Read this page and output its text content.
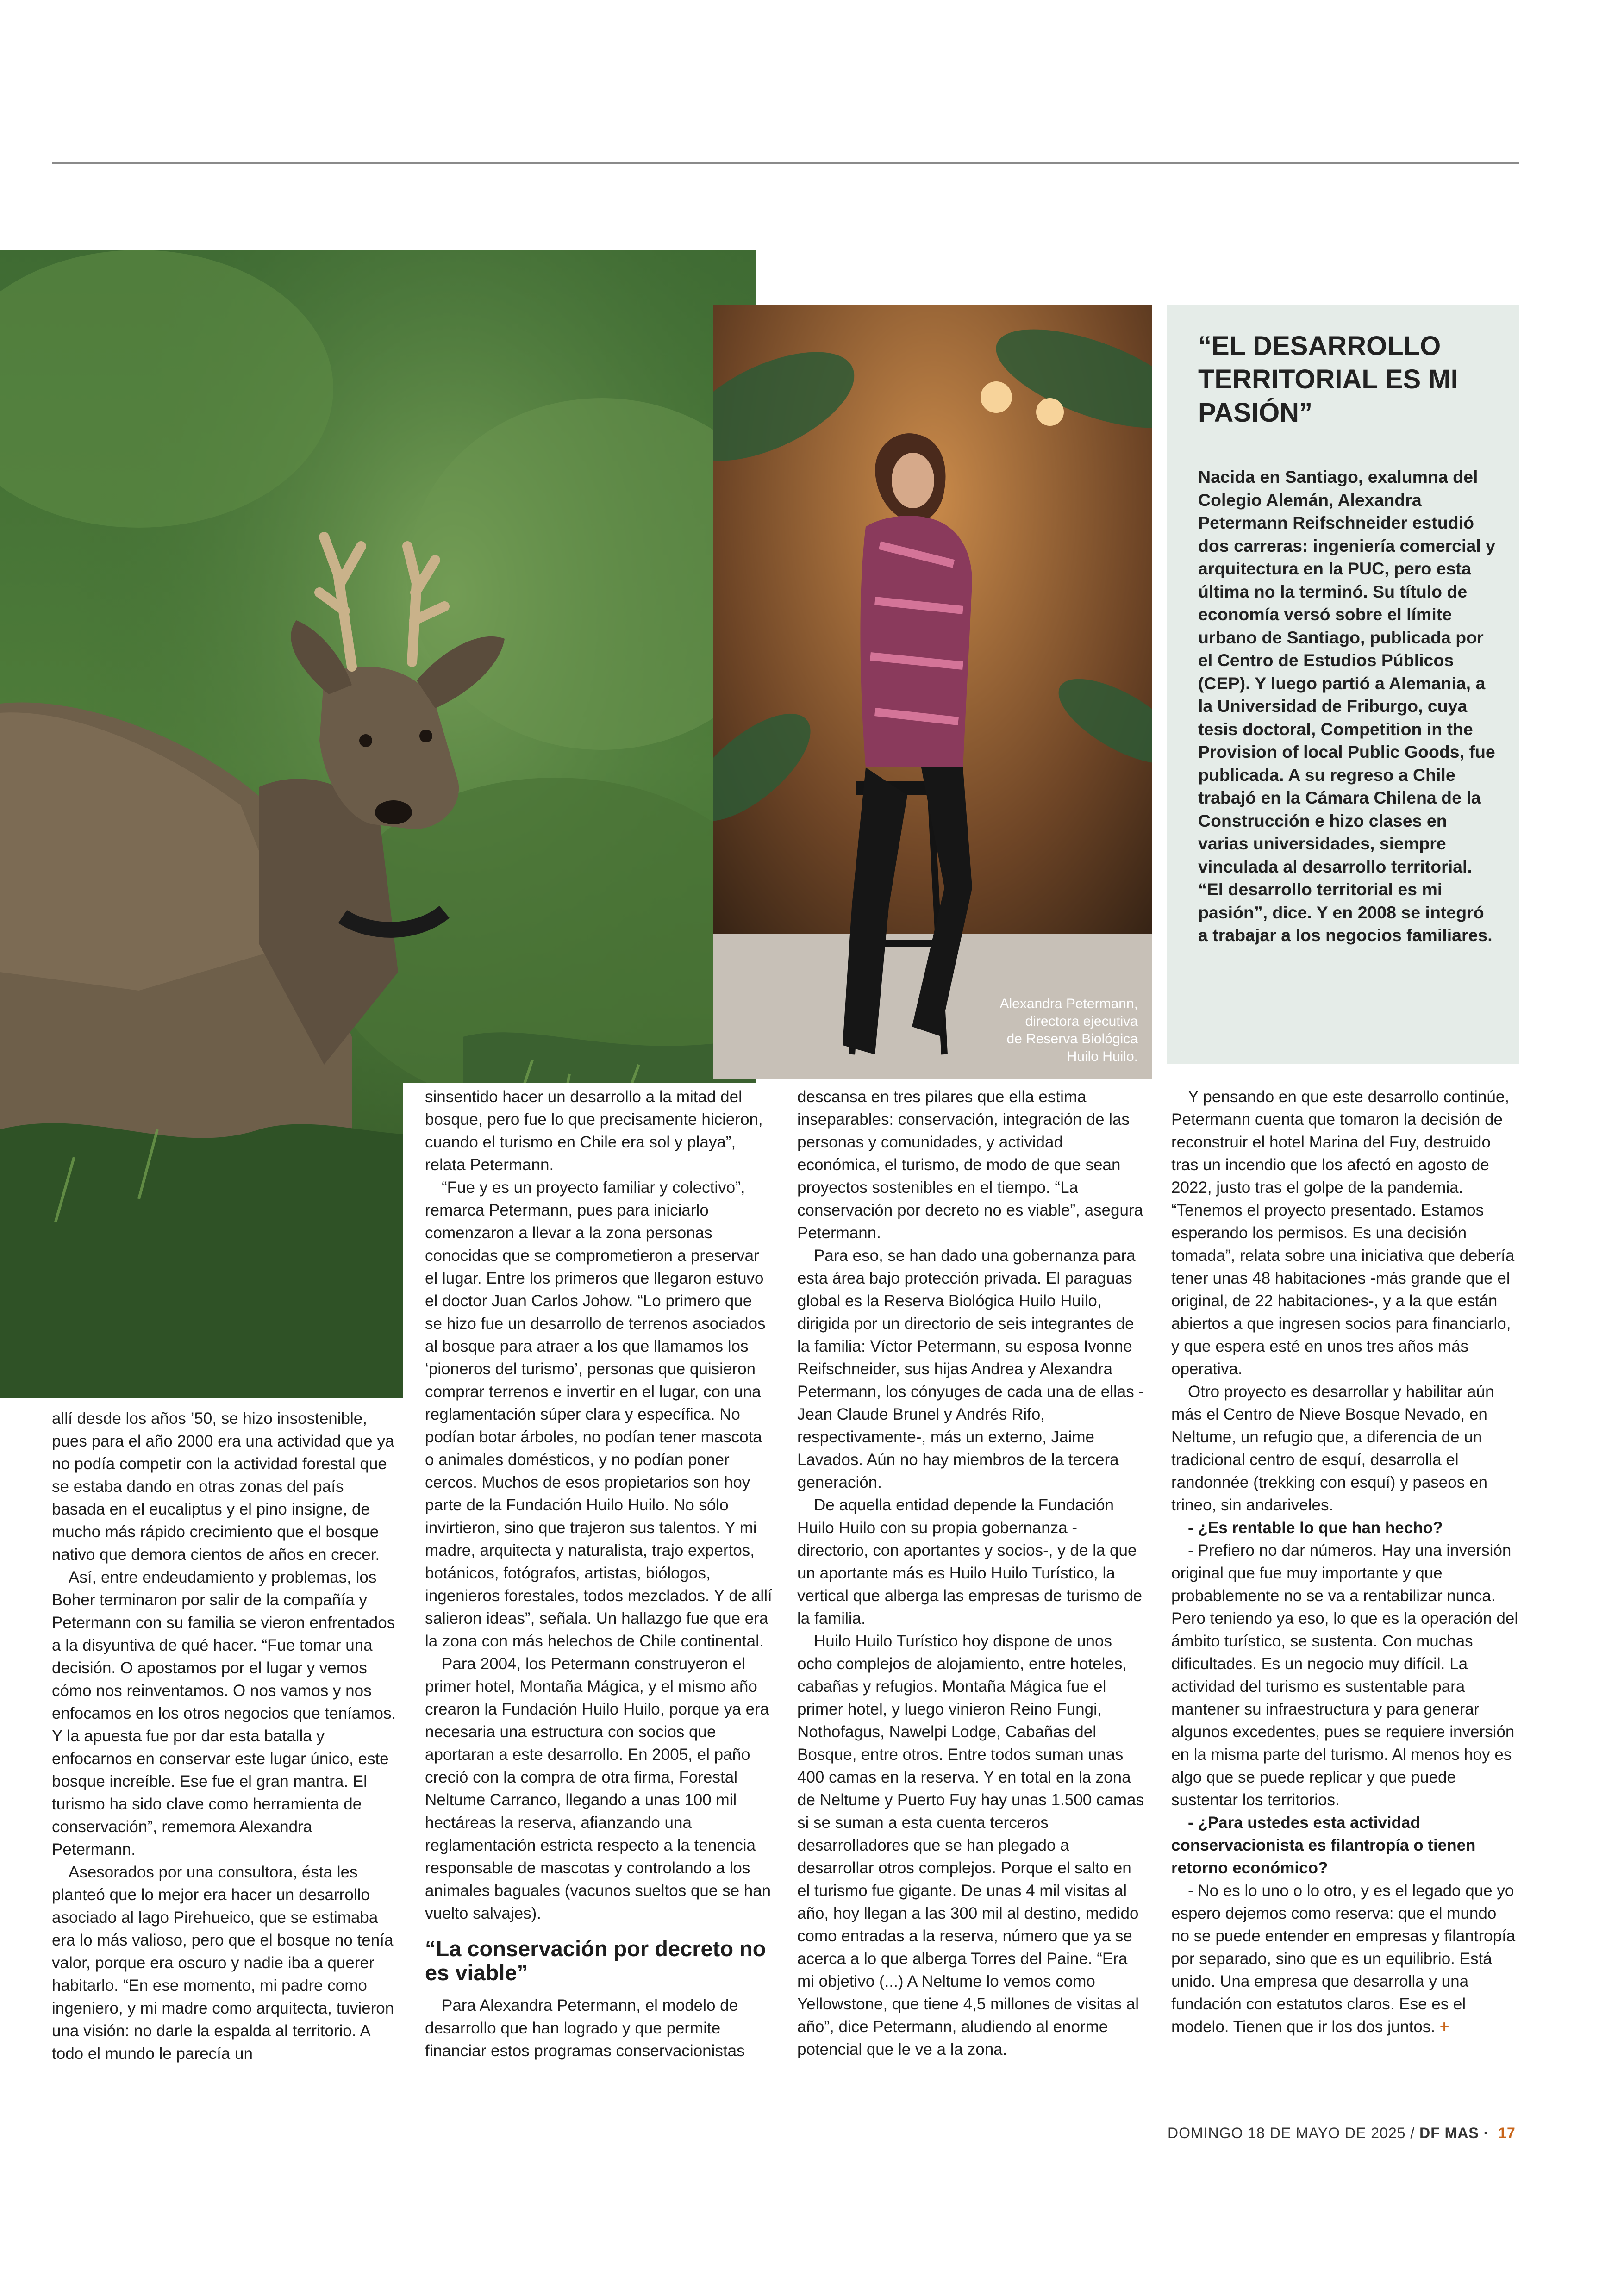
Alexandra Petermann,
directora ejecutiva
de Reserva Biológica
Huilo Huilo.
“EL DESARROLLO TERRITORIAL ES MI PASIÓN”

Nacida en Santiago, exalumna del Colegio Alemán, Alexandra Petermann Reifschneider estudió dos carreras: ingeniería comercial y arquitectura en la PUC, pero esta última no la terminó. Su título de economía versó sobre el límite urbano de Santiago, publicada por el Centro de Estudios Públicos (CEP). Y luego partió a Alemania, a la Universidad de Friburgo, cuya tesis doctoral, Competition in the Provision of local Public Goods, fue publicada. A su regreso a Chile trabajó en la Cámara Chilena de la Construcción e hizo clases en varias universidades, siempre vinculada al desarrollo territorial. “El desarrollo territorial es mi pasión”, dice. Y en 2008 se integró a trabajar a los negocios familiares.

allí desde los años ’50, se hizo insostenible, pues para el año 2000 era una actividad que ya no podía competir con la actividad forestal que se estaba dando en otras zonas del país basada en el eucaliptus y el pino insigne, de mucho más rápido crecimiento que el bosque nativo que demora cientos de años en crecer.

Así, entre endeudamiento y problemas, los Boher terminaron por salir de la compañía y Petermann con su familia se vieron enfrentados a la disyuntiva de qué hacer. “Fue tomar una decisión. O apostamos por el lugar y vemos cómo nos reinventamos. O nos vamos y nos enfocamos en los otros negocios que teníamos. Y la apuesta fue por dar esta batalla y enfocarnos en conservar este lugar único, este bosque increíble. Ese fue el gran mantra. El turismo ha sido clave como herramienta de conservación”, rememora Alexandra Petermann.

Asesorados por una consultora, ésta les planteó que lo mejor era hacer un desarrollo asociado al lago Pirehueico, que se estimaba era lo más valioso, pero que el bosque no tenía valor, porque era oscuro y nadie iba a querer habitarlo. “En ese momento, mi padre como ingeniero, y mi madre como arquitecta, tuvieron una visión: no darle la espalda al territorio. A todo el mundo le parecía un

sinsentido hacer un desarrollo a la mitad del bosque, pero fue lo que precisamente hicieron, cuando el turismo en Chile era sol y playa”, relata Petermann.

“Fue y es un proyecto familiar y colectivo”, remarca Petermann, pues para iniciarlo comenzaron a llevar a la zona personas conocidas que se comprometieron a preservar el lugar. Entre los primeros que llegaron estuvo el doctor Juan Carlos Johow. “Lo primero que se hizo fue un desarrollo de terrenos asociados al bosque para atraer a los que llamamos los ‘pioneros del turismo’, personas que quisieron comprar terrenos e invertir en el lugar, con una reglamentación súper clara y específica. No podían botar árboles, no podían tener mascota o animales domésticos, y no podían poner cercos. Muchos de esos propietarios son hoy parte de la Fundación Huilo Huilo. No sólo invirtieron, sino que trajeron sus talentos. Y mi madre, arquitecta y naturalista, trajo expertos, botánicos, fotógrafos, artistas, biólogos, ingenieros forestales, todos mezclados. Y de allí salieron ideas”, señala. Un hallazgo fue que era la zona con más helechos de Chile continental.

Para 2004, los Petermann construyeron el primer hotel, Montaña Mágica, y el mismo año crearon la Fundación Huilo Huilo, porque ya era necesaria una estructura con socios que aportaran a este desarrollo. En 2005, el paño creció con la compra de otra firma, Forestal Neltume Carranco, llegando a unas 100 mil hectáreas la reserva, afianzando una reglamentación estricta respecto a la tenencia responsable de mascotas y controlando a los animales baguales (vacunos sueltos que se han vuelto salvajes).

“La conservación por decreto no es viable”

Para Alexandra Petermann, el modelo de desarrollo que han logrado y que permite financiar estos programas conservacionistas

descansa en tres pilares que ella estima inseparables: conservación, integración de las personas y comunidades, y actividad económica, el turismo, de modo de que sean proyectos sostenibles en el tiempo. “La conservación por decreto no es viable”, asegura Petermann.

Para eso, se han dado una gobernanza para esta área bajo protección privada. El paraguas global es la Reserva Biológica Huilo Huilo, dirigida por un directorio de seis integrantes de la familia: Víctor Petermann, su esposa Ivonne Reifschneider, sus hijas Andrea y Alexandra Petermann, los cónyuges de cada una de ellas -Jean Claude Brunel y Andrés Rifo, respectivamente-, más un externo, Jaime Lavados. Aún no hay miembros de la tercera generación.

De aquella entidad depende la Fundación Huilo Huilo con su propia gobernanza -directorio, con aportantes y socios-, y de la que un aportante más es Huilo Huilo Turístico, la vertical que alberga las empresas de turismo de la familia.

Huilo Huilo Turístico hoy dispone de unos ocho complejos de alojamiento, entre hoteles, cabañas y refugios. Montaña Mágica fue el primer hotel, y luego vinieron Reino Fungi, Nothofagus, Nawelpi Lodge, Cabañas del Bosque, entre otros. Entre todos suman unas 400 camas en la reserva. Y en total en la zona de Neltume y Puerto Fuy hay unas 1.500 camas si se suman a esta cuenta terceros desarrolladores que se han plegado a desarrollar otros complejos. Porque el salto en el turismo fue gigante. De unas 4 mil visitas al año, hoy llegan a las 300 mil al destino, medido como entradas a la reserva, número que ya se acerca a lo que alberga Torres del Paine. “Era mi objetivo (...) A Neltume lo vemos como Yellowstone, que tiene 4,5 millones de visitas al año”, dice Petermann, aludiendo al enorme potencial que le ve a la zona.

Y pensando en que este desarrollo continúe, Petermann cuenta que tomaron la decisión de reconstruir el hotel Marina del Fuy, destruido tras un incendio que los afectó en agosto de 2022, justo tras el golpe de la pandemia. “Tenemos el proyecto presentado. Estamos esperando los permisos. Es una decisión tomada”, relata sobre una iniciativa que debería tener unas 48 habitaciones -más grande que el original, de 22 habitaciones-, y a la que están abiertos a que ingresen socios para financiarlo, y que espera esté en unos tres años más operativa.

Otro proyecto es desarrollar y habilitar aún más el Centro de Nieve Bosque Nevado, en Neltume, un refugio que, a diferencia de un tradicional centro de esquí, desarrolla el randonnée (trekking con esquí) y paseos en trineo, sin andariveles.

- ¿Es rentable lo que han hecho?

- Prefiero no dar números. Hay una inversión original que fue muy importante y que probablemente no se va a rentabilizar nunca. Pero teniendo ya eso, lo que es la operación del ámbito turístico, se sustenta. Con muchas dificultades. Es un negocio muy difícil. La actividad del turismo es sustentable para mantener su infraestructura y para generar algunos excedentes, pues se requiere inversión en la misma parte del turismo. Al menos hoy es algo que se puede replicar y que puede sustentar los territorios.

- ¿Para ustedes esta actividad conservacionista es filantropía o tienen retorno económico?

- No es lo uno o lo otro, y es el legado que yo espero dejemos como reserva: que el mundo no se puede entender en empresas y filantropía por separado, sino que es un equilibrio. Está unido. Una empresa que desarrolla y una fundación con estatutos claros. Ese es el modelo. Tienen que ir los dos juntos. +

DOMINGO 18 DE MAYO DE 2025 / DF MAS · 17
